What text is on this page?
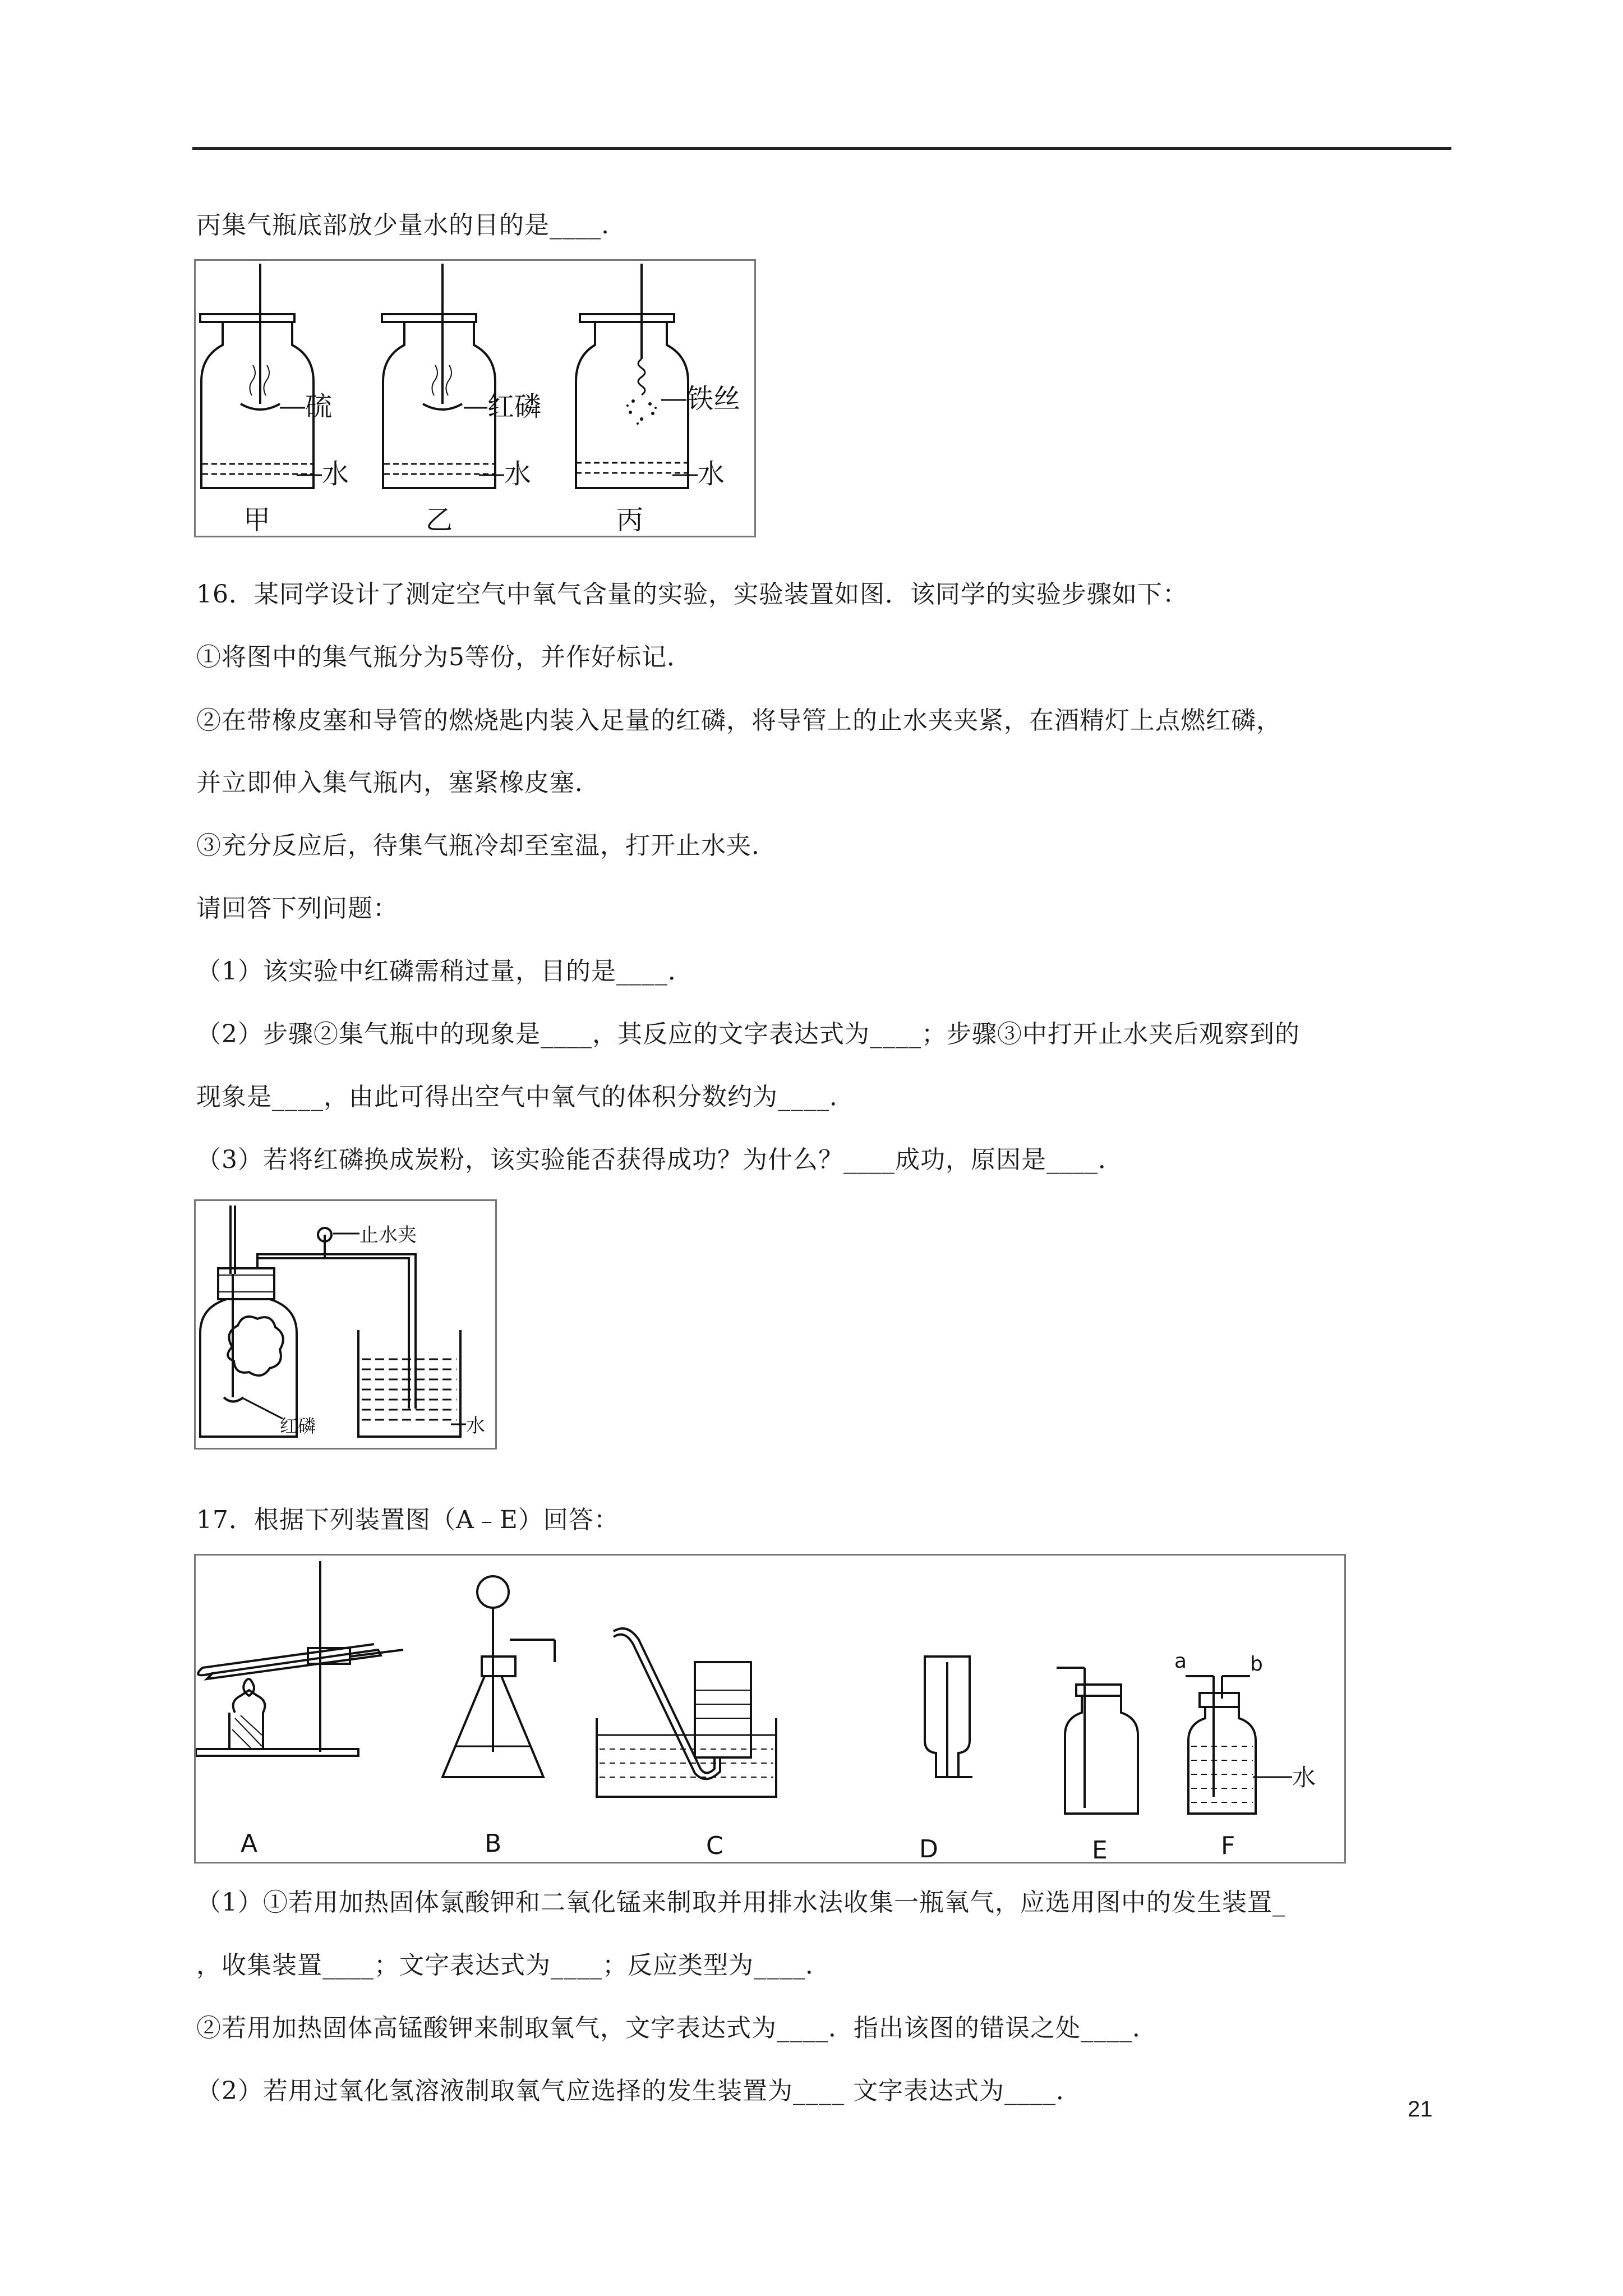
丙集气瓶底部放少量水的目的是____.
硫
水
红磷
水
铁丝
水
甲	乙	丙
16．某同学设计了测定空气中氧气含量的实验，实验装置如图．该同学的实验步骤如下：
①将图中的集气瓶分为5等份，并作好标记．
②在带橡皮塞和导管的燃烧匙内装入足量的红磷，将导管上的止水夹夹紧，在酒精灯上点燃红磷，
并立即伸入集气瓶内，塞紧橡皮塞．
③充分反应后，待集气瓶冷却至室温，打开止水夹．
请回答下列问题：
（1）该实验中红磷需稍过量，目的是____．
（2）步骤②集气瓶中的现象是____，其反应的文字表达式为____；步骤③中打开止水夹后观察到的
现象是____，由此可得出空气中氧气的体积分数约为____．
（3）若将红磷换成炭粉，该实验能否获得成功？为什么？____成功，原因是____．
止水夹
红磷	水
17．根据下列装置图（A﹣E）回答：
a	b
水
A	B	C	D	E	F
（1）①若用加热固体氯酸钾和二氧化锰来制取并用排水法收集一瓶氧气，应选用图中的发生装置_
，收集装置____；文字表达式为____；反应类型为____．
②若用加热固体高锰酸钾来制取氧气，文字表达式为____．指出该图的错误之处____．
（2）若用过氧化氢溶液制取氧气应选择的发生装置为____ 文字表达式为____．
21
